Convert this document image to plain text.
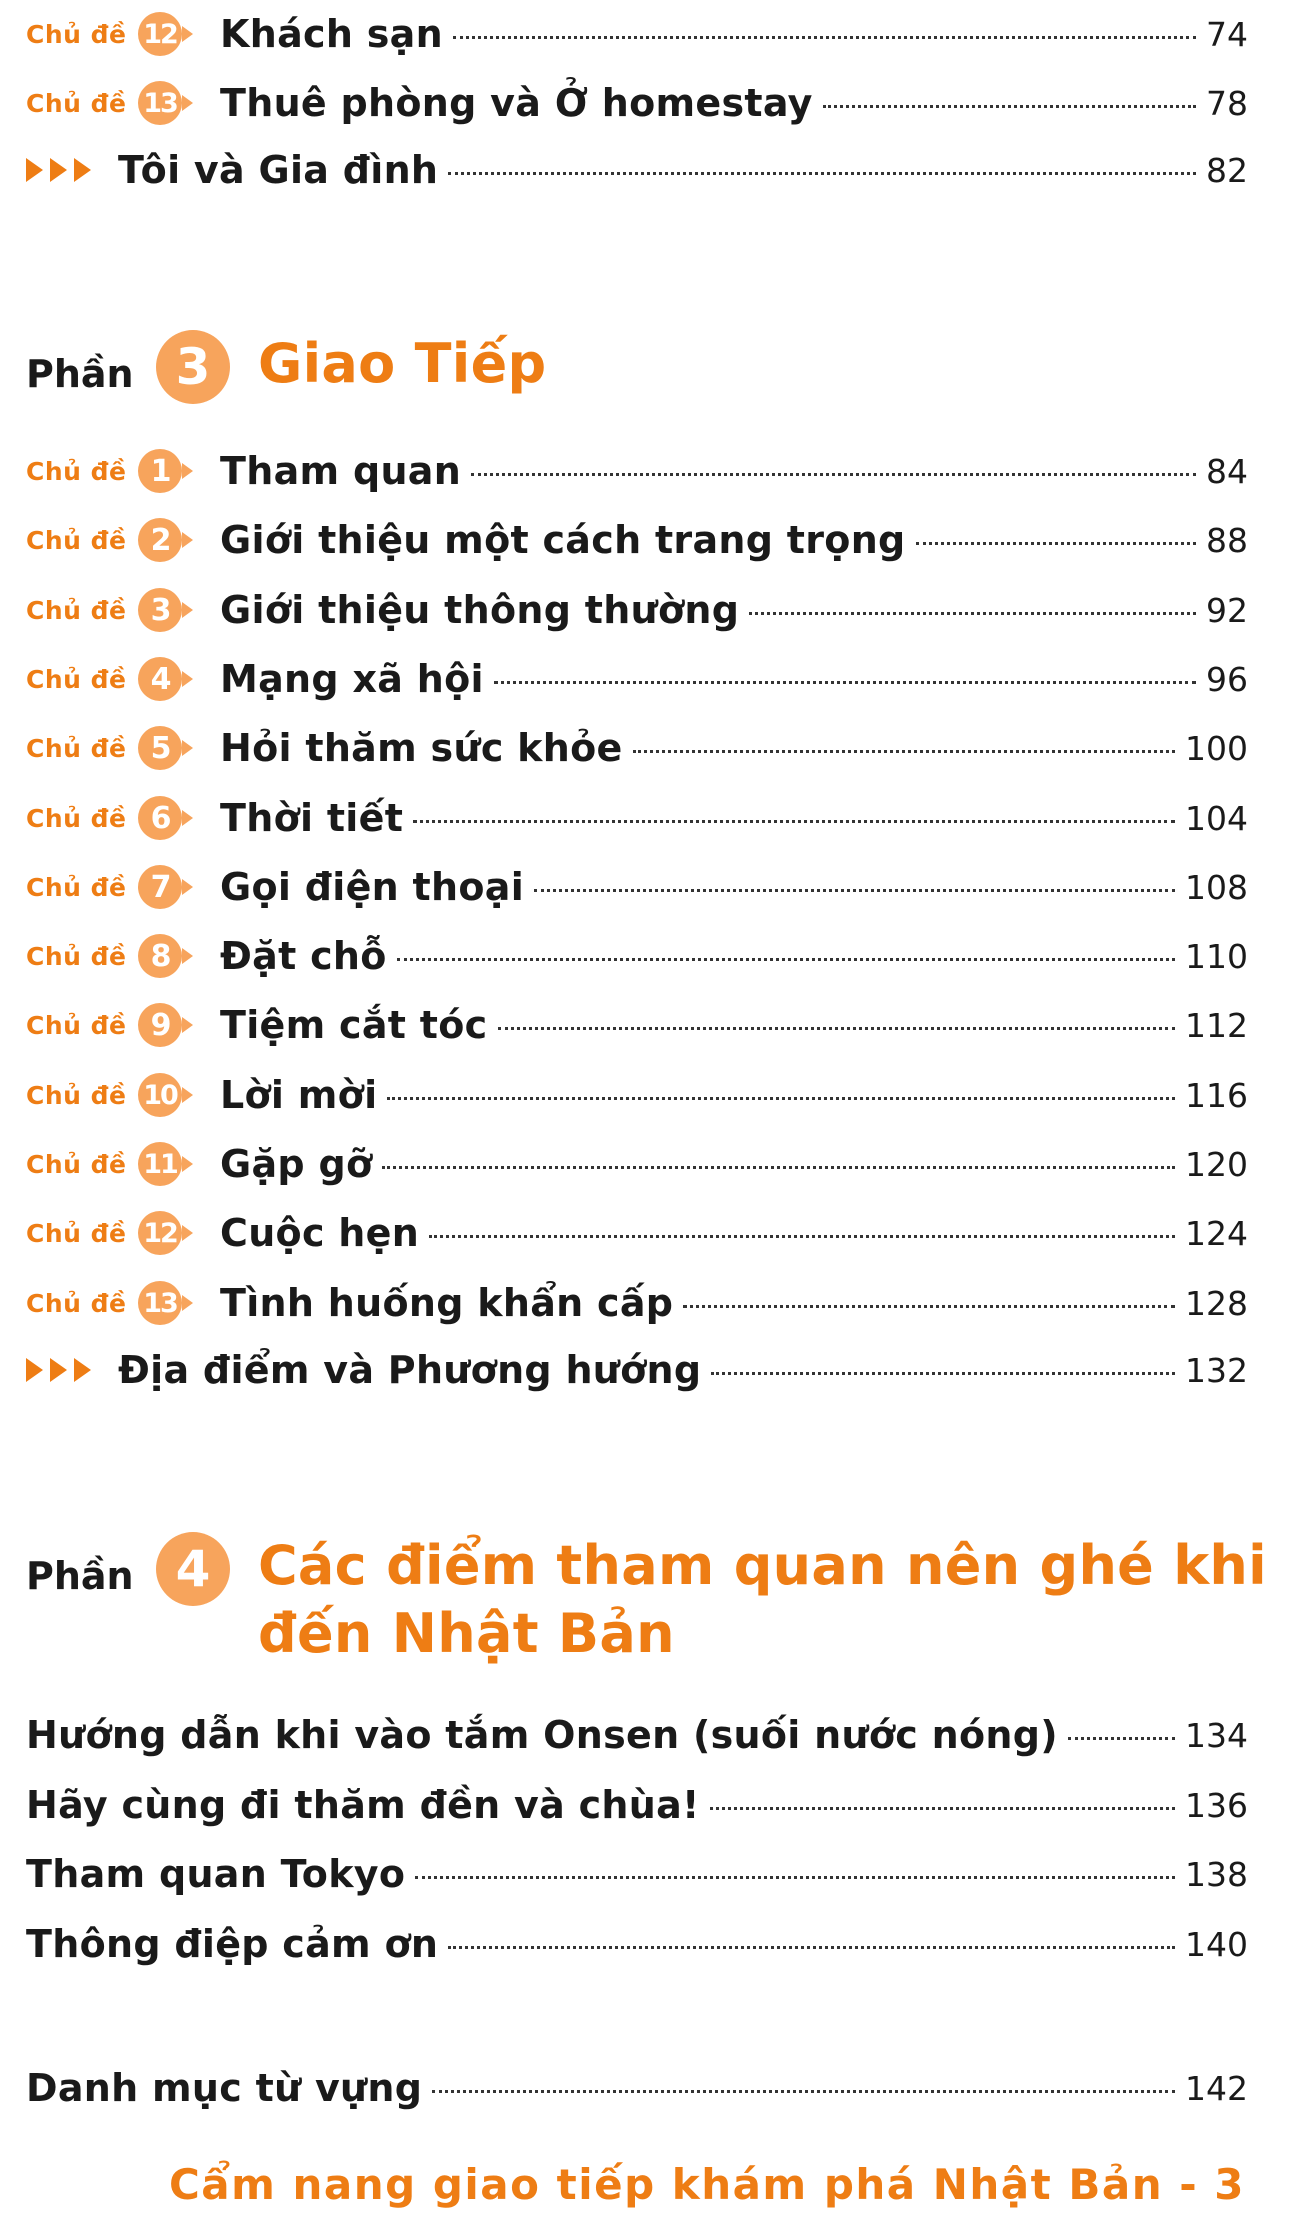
Chủ đề 12 Khách sạn	74
Chủ đề 13 Thuê phòng và Ở homestay	78
Tôi và Gia đình	82
Phần 3 Giao Tiếp
Chủ đề 1	Tham quan	84
Chủ đề 2	Giới thiệu một cách trang trọng	88
Chủ đề 3	Giới thiệu thông thường	92
Chủ đề 4	Mạng xã hội	96
Chủ đề 5	Hỏi thăm sức khỏe	100
Chủ đề 6	Thời tiết	104
Chủ đề 7	Gọi điện thoại	108
Chủ đề 8	Đặt chỗ	110
Chủ đề 9	Tiệm cắt tóc	112
Chủ đề 10 Lời mời	116
Chủ đề 11 Gặp gỡ	120
Chủ đề 12 Cuộc hẹn	124
Chủ đề 13 Tình huống khẩn cấp	128
Địa điểm và Phương hướng	132
Phần 4 Các điểm tham quan nên ghé khi
đến Nhật Bản
Hướng dẫn khi vào tắm Onsen (suối nước nóng)	134
Hãy cùng đi thăm đền và chùa!	136
Tham quan Tokyo	138
Thông điệp cảm ơn	140
Danh mục từ vựng	142
Cẩm nang giao tiếp khám phá Nhật Bản - 3
